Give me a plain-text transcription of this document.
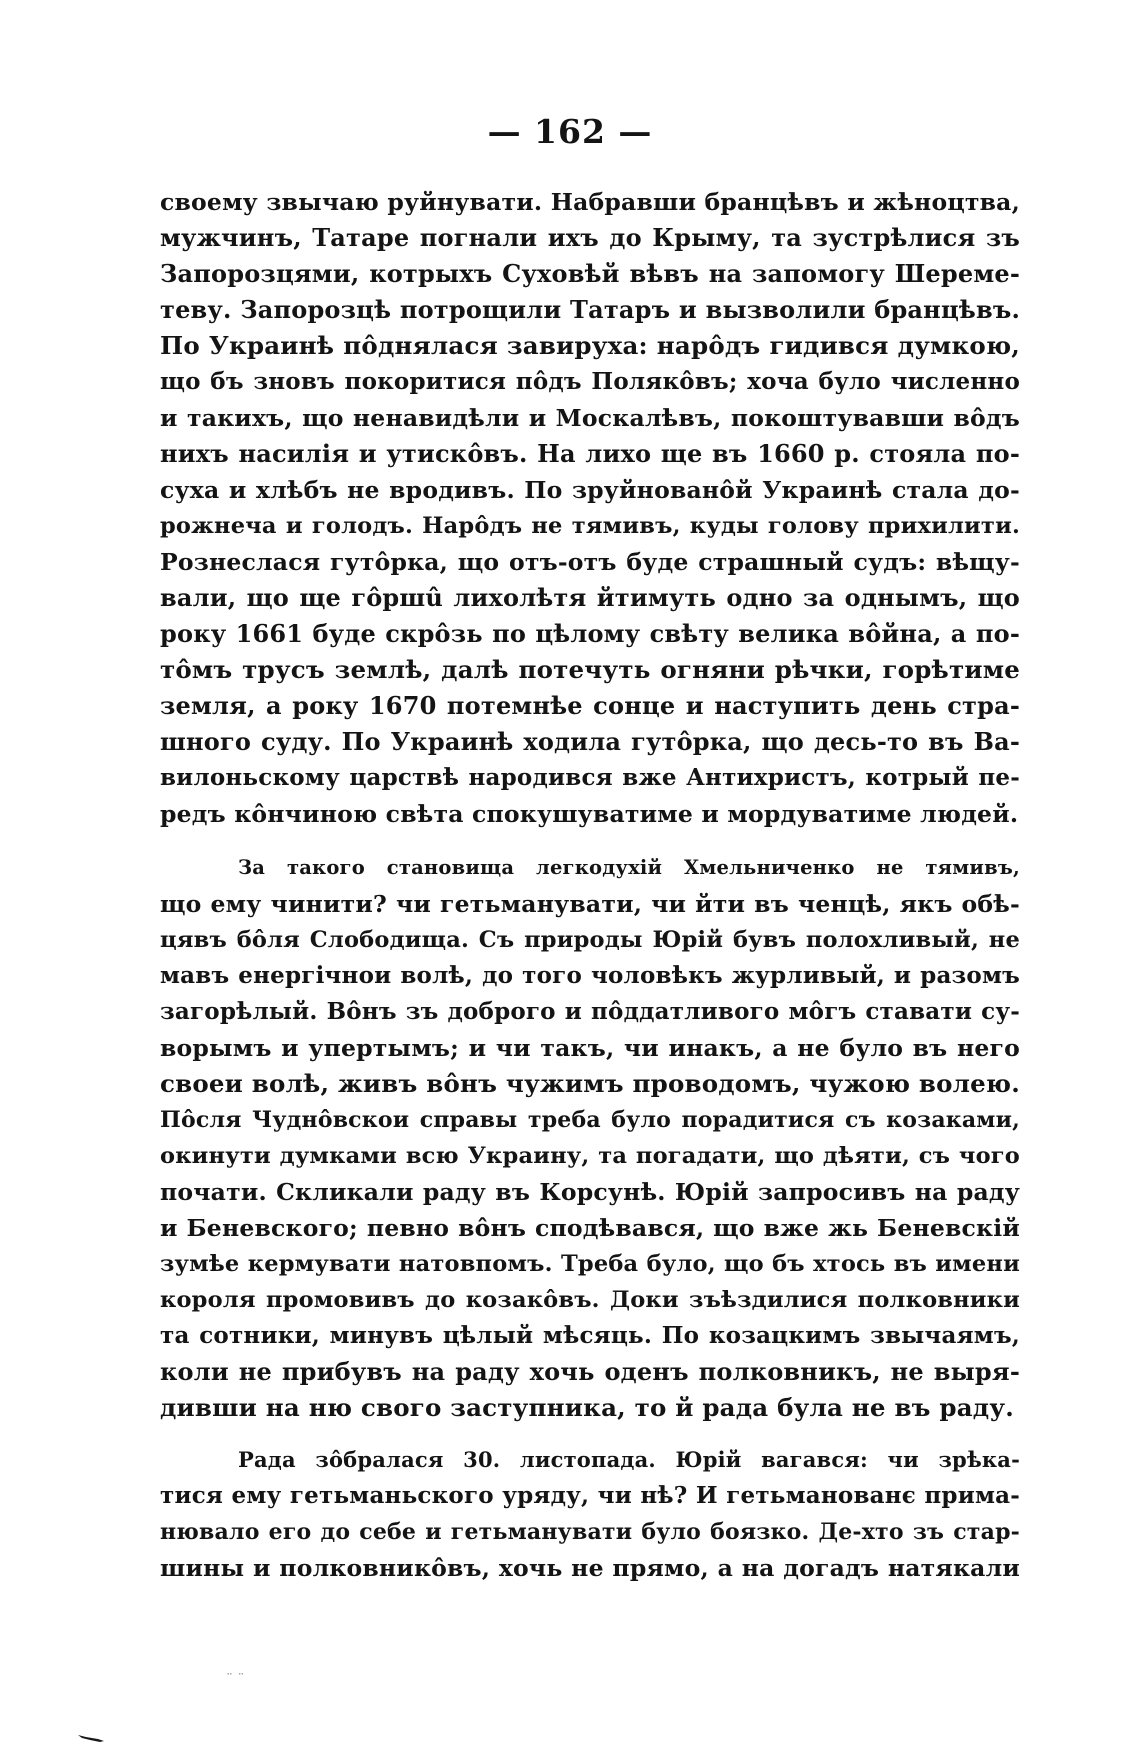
— 162 —
своему звычаю руйнувати. Набравши бранцѣвъ и жѣноцтва,
мужчинъ, Татаре погнали ихъ до Крыму, та зустрѣлися зъ
Запорозцями, котрыхъ Суховѣй вѣвъ на запомогу Шереме-
теву. Запорозцѣ потрощили Татаръ и вызволили бранцѣвъ.
По Украинѣ пôднялася завируха: нарôдъ гидився думкою,
що бъ зновъ покоритися пôдъ Полякôвъ; хоча було численно
и такихъ, що ненавидѣли и Москалѣвъ, покоштувавши вôдъ
нихъ насилія и утискôвъ. На лихо ще въ 1660 р. стояла по-
суха и хлѣбъ не вродивъ. По зруйнованôй Украинѣ стала до-
рожнеча и голодъ. Нарôдъ не тямивъ, куды голову прихилити.
Рознеслася гутôрка, що отъ-отъ буде страшный судъ: вѣщу-
вали, що ще гôршû лихолѣтя йтимуть одно за однымъ, що
року 1661 буде скрôзь по цѣлому свѣту велика вôйна, а по-
тôмъ трусъ землѣ, далѣ потечуть огняни рѣчки, горѣтиме
земля, а року 1670 потемнѣе сонце и наступить день стра-
шного суду. По Украинѣ ходила гутôрка, що десь-то въ Ва-
вилоньскому царствѣ народився вже Антихристъ, котрый пе-
редъ кôнчиною свѣта спокушуватиме и мордуватиме людей.
За такого становища легкодухій Хмельниченко не тямивъ,
що ему чинити? чи гетьманувати, чи йти въ ченцѣ, якъ обѣ-
цявъ бôля Слободища. Съ природы Юрій бувъ полохливый, не
мавъ енергічнои волѣ, до того чоловѣкъ журливый, и разомъ
загорѣлый. Вôнъ зъ доброго и пôддатливого мôгъ ставати су-
ворымъ и упертымъ; и чи такъ, чи инакъ, а не було въ него
своеи волѣ, живъ вôнъ чужимъ проводомъ, чужою волею.
Пôсля Чуднôвскои справы треба було порадитися съ козаками,
окинути думками всю Украину, та погадати, що дѣяти, съ чого
почати. Скликали раду въ Корсунѣ. Юрій запросивъ на раду
и Беневского; певно вôнъ сподѣвався, що вже жь Беневскій
зумѣе кермувати натовпомъ. Треба було, що бъ хтось въ имени
короля промовивъ до козакôвъ. Доки зъѣздилися полковники
та сотники, минувъ цѣлый мѣсяць. По козацкимъ звычаямъ,
коли не прибувъ на раду хочь оденъ полковникъ, не выря-
дивши на ню свого заступника, то й рада була не въ раду.
Рада зôбралася 30. листопада. Юрій вагався: чи зрѣка-
тися ему гетьманьского уряду, чи нѣ? И гетьманованє прима-
нювало его до себе и гетьманувати було боязко. Де-хто зъ стар-
шины и полковникôвъ, хочь не прямо, а на догадъ натякали
¨ ¨
